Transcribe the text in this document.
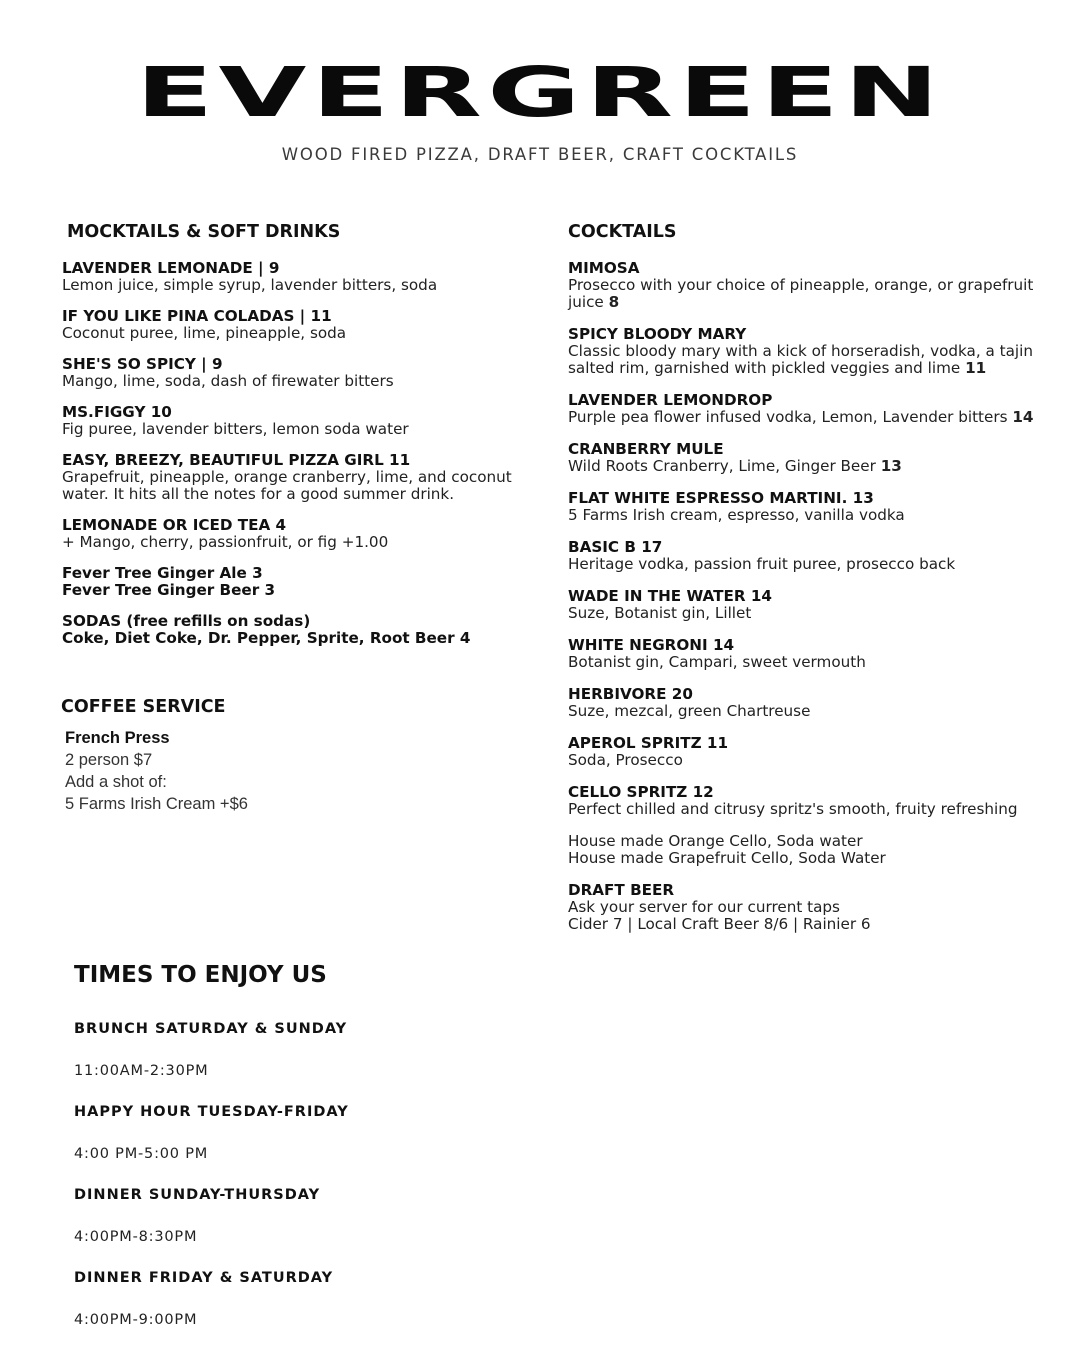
EVERGREEN
WOOD FIRED PIZZA, DRAFT BEER, CRAFT COCKTAILS
MOCKTAILS & SOFT DRINKS
LAVENDER LEMONADE | 9
Lemon juice, simple syrup, lavender bitters, soda
IF YOU LIKE PINA COLADAS | 11
Coconut puree, lime, pineapple, soda
SHE'S SO SPICY | 9
Mango, lime, soda, dash of firewater bitters
MS.FIGGY 10
Fig puree, lavender bitters, lemon soda water
EASY, BREEZY, BEAUTIFUL PIZZA GIRL 11
Grapefruit, pineapple, orange cranberry, lime, and coconut water. It hits all the notes for a good summer drink.
LEMONADE OR ICED TEA 4
+ Mango, cherry, passionfruit, or fig +1.00
Fever Tree Ginger Ale 3
Fever Tree Ginger Beer 3
SODAS (free refills on sodas)
Coke, Diet Coke, Dr. Pepper, Sprite, Root Beer 4
COFFEE SERVICE
French Press
2 person $7
Add a shot of:
5 Farms Irish Cream +$6
TIMES TO ENJOY US
BRUNCH SATURDAY & SUNDAY
11:00AM-2:30PM
HAPPY HOUR TUESDAY-FRIDAY
4:00 PM-5:00 PM
DINNER SUNDAY-THURSDAY
4:00PM-8:30PM
DINNER FRIDAY & SATURDAY
4:00PM-9:00PM
COCKTAILS
MIMOSA
Prosecco with your choice of pineapple, orange, or grapefruit juice 8
SPICY BLOODY MARY
Classic bloody mary with a kick of horseradish, vodka, a tajin salted rim, garnished with pickled veggies and lime 11
LAVENDER LEMONDROP
Purple pea flower infused vodka, Lemon, Lavender bitters 14
CRANBERRY MULE
Wild Roots Cranberry, Lime, Ginger Beer 13
FLAT WHITE ESPRESSO MARTINI. 13
5 Farms Irish cream, espresso, vanilla vodka
BASIC B 17
Heritage vodka, passion fruit puree, prosecco back
WADE IN THE WATER 14
Suze, Botanist gin, Lillet
WHITE NEGRONI 14
Botanist gin, Campari, sweet vermouth
HERBIVORE 20
Suze, mezcal, green Chartreuse
APEROL SPRITZ 11
Soda, Prosecco
CELLO SPRITZ 12
Perfect chilled and citrusy spritz's smooth, fruity refreshing
House made Orange Cello, Soda water
House made Grapefruit Cello, Soda Water
DRAFT BEER
Ask your server for our current taps
Cider 7 | Local Craft Beer 8/6 | Rainier 6
